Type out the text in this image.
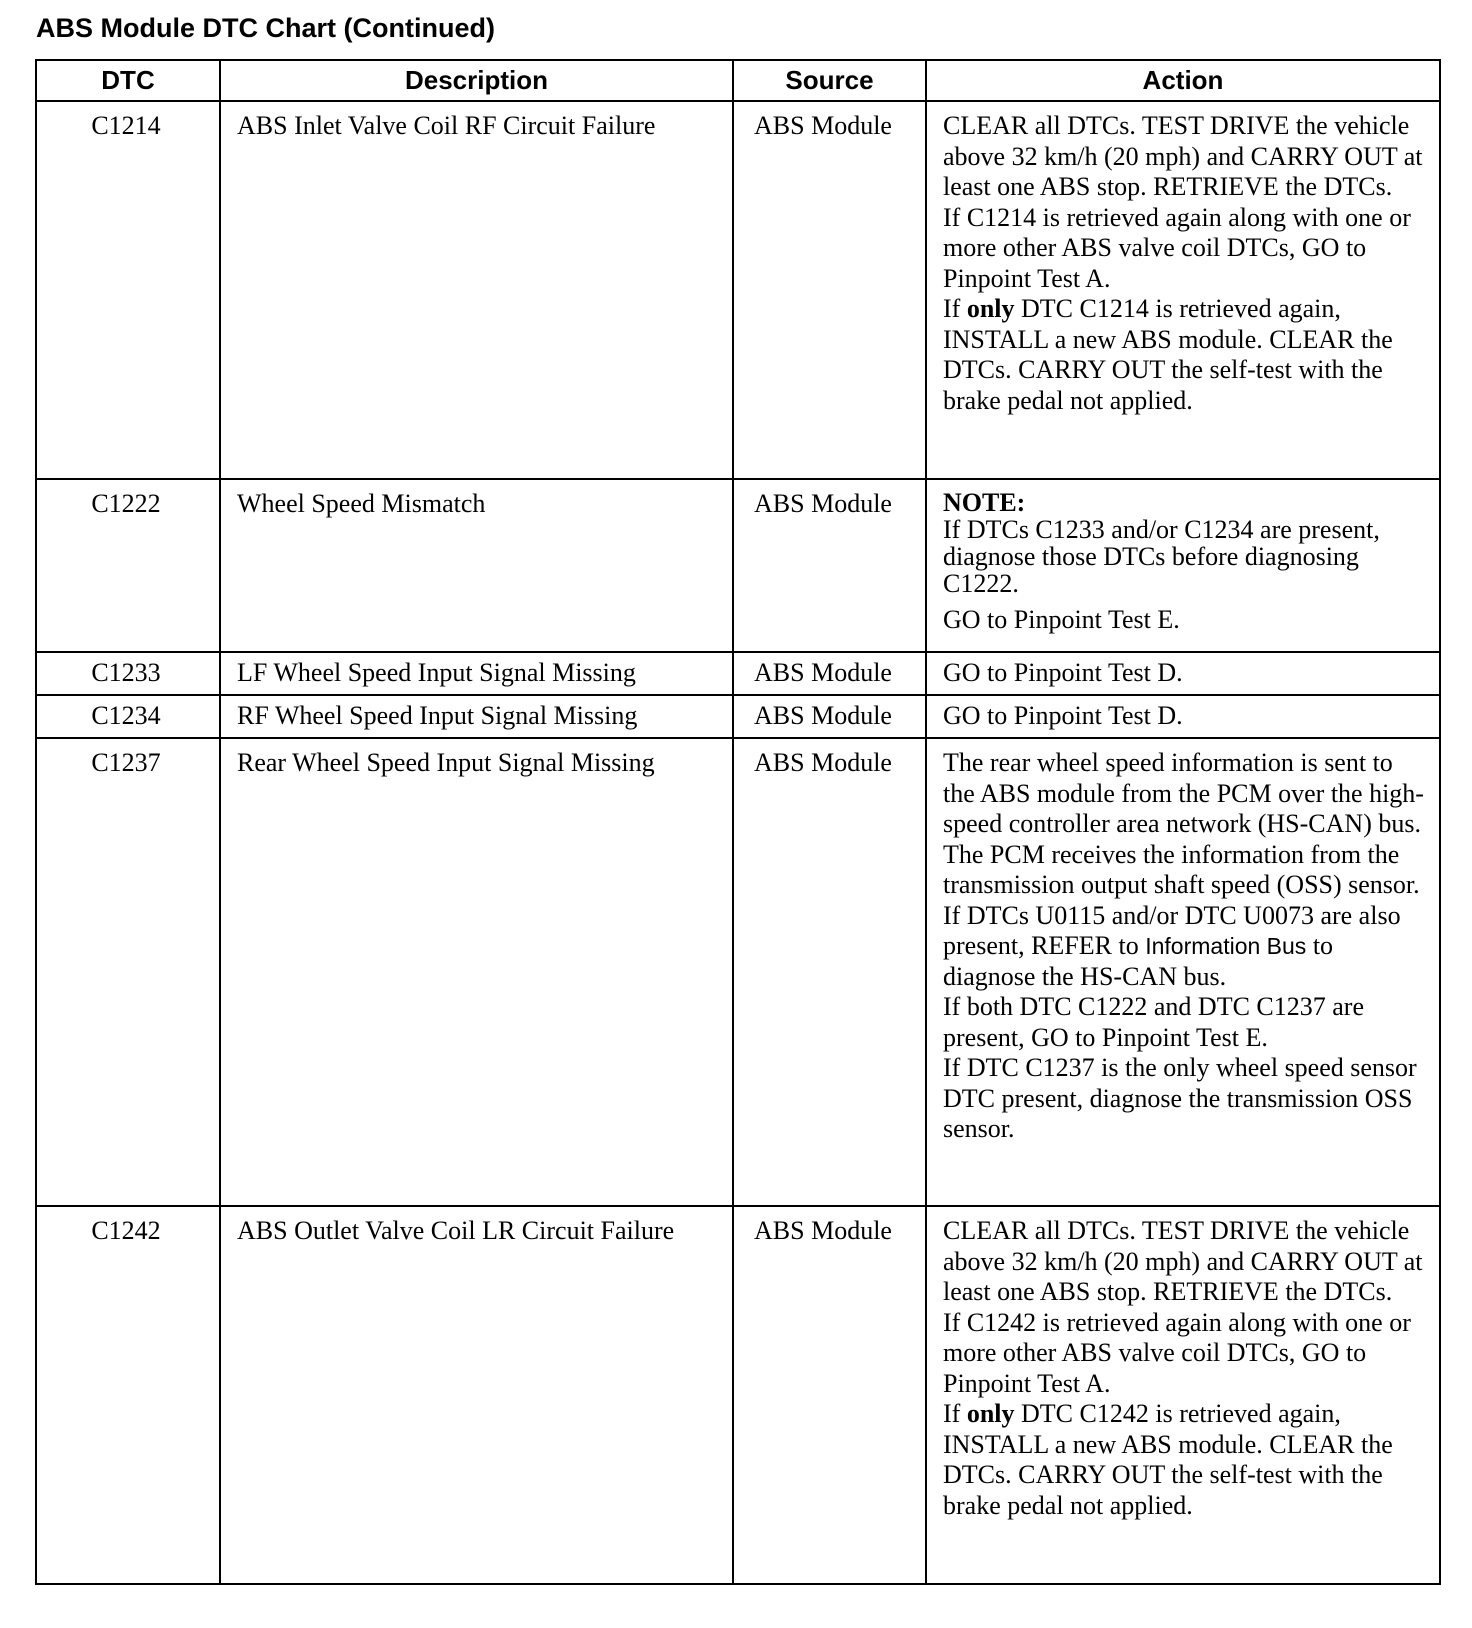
ABS Module DTC Chart (Continued)
DTC	Description	Source	Action
C1214	ABS Inlet Valve Coil RF Circuit Failure	ABS Module	CLEAR all DTCs. TEST DRIVE the vehicle above 32 km/h (20 mph) and CARRY OUT at least one ABS stop. RETRIEVE the DTCs.
If C1214 is retrieved again along with one or more other ABS valve coil DTCs, GO to Pinpoint Test A.
If only DTC C1214 is retrieved again, INSTALL a new ABS module. CLEAR the DTCs. CARRY OUT the self-test with the brake pedal not applied.

C1222	Wheel Speed Mismatch	ABS Module	NOTE:
If DTCs C1233 and/or C1234 are present, diagnose those DTCs before diagnosing C1222.
GO to Pinpoint Test E.

C1233	LF Wheel Speed Input Signal Missing	ABS Module	GO to Pinpoint Test D.
C1234	RF Wheel Speed Input Signal Missing	ABS Module	GO to Pinpoint Test D.
C1237	Rear Wheel Speed Input Signal Missing	ABS Module	The rear wheel speed information is sent to the ABS module from the PCM over the high-speed controller area network (HS-CAN) bus. The PCM receives the information from the transmission output shaft speed (OSS) sensor.
If DTCs U0115 and/or DTC U0073 are also present, REFER to Information Bus to diagnose the HS-CAN bus.
If both DTC C1222 and DTC C1237 are present, GO to Pinpoint Test E.
If DTC C1237 is the only wheel speed sensor DTC present, diagnose the transmission OSS sensor.

C1242	ABS Outlet Valve Coil LR Circuit Failure	ABS Module	CLEAR all DTCs. TEST DRIVE the vehicle above 32 km/h (20 mph) and CARRY OUT at least one ABS stop. RETRIEVE the DTCs.
If C1242 is retrieved again along with one or more other ABS valve coil DTCs, GO to Pinpoint Test A.
If only DTC C1242 is retrieved again, INSTALL a new ABS module. CLEAR the DTCs. CARRY OUT the self-test with the brake pedal not applied.
